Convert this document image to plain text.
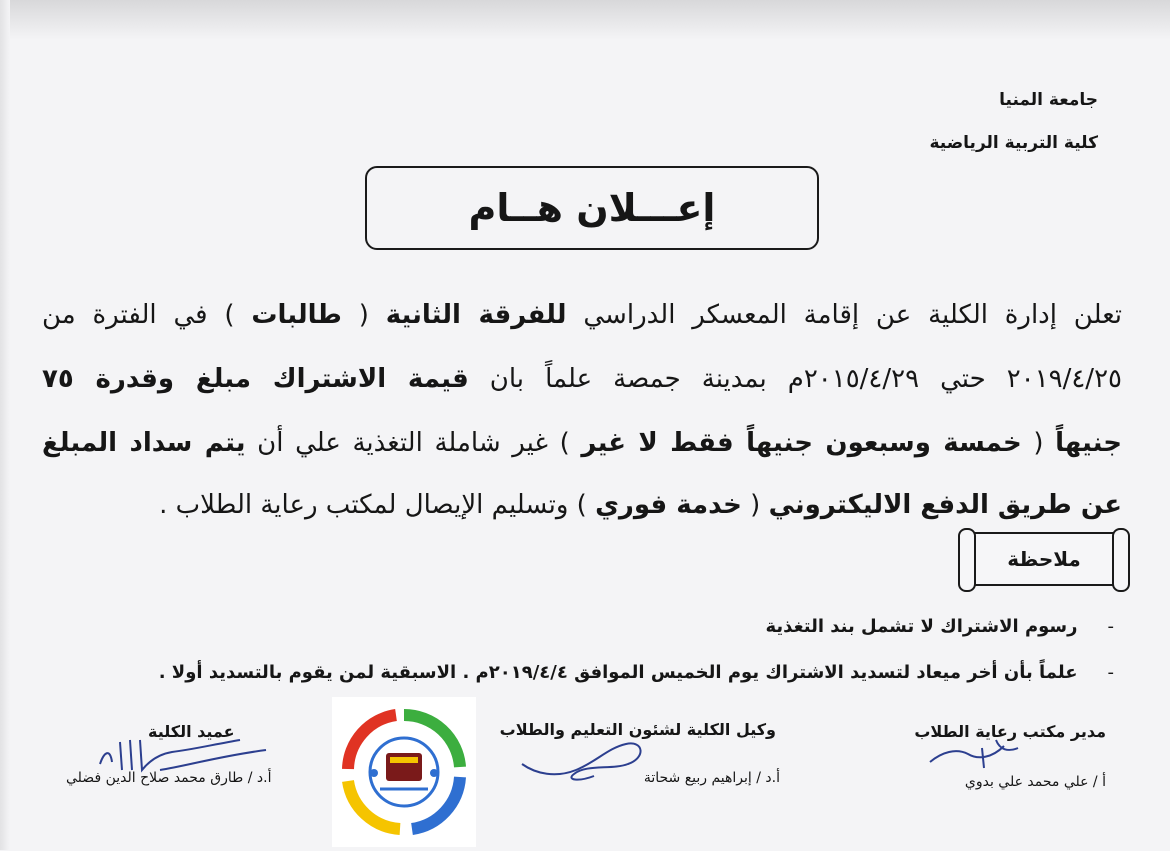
جامعة المنيا
كلية التربية الرياضية
إعـــلان هــام
تعلن إدارة الكلية عن إقامة المعسكر الدراسي للفرقة الثانية ( طالبات ) في الفترة من
٢٠١٩/٤/٢٥ حتي ٢٠١٥/٤/٢٩م بمدينة جمصة علماً بان قيمة الاشتراك مبلغ وقدرة ٧٥
جنيهاً ( خمسة وسبعون جنيهاً فقط لا غير ) غير شاملة التغذية علي أن يتم سداد المبلغ
عن طريق الدفع الاليكتروني ( خدمة فوري ) وتسليم الإيصال لمكتب رعاية الطلاب .
ملاحظة
-رسوم الاشتراك لا تشمل بند التغذية
-علماً بأن أخر ميعاد لتسديد الاشتراك يوم الخميس الموافق ٢٠١٩/٤/٤م . الاسبقية لمن يقوم بالتسديد أولا .
مدير مكتب رعاية الطلاب
أ / علي محمد علي بدوي
وكيل الكلية لشئون التعليم والطلاب
أ.د / إبراهيم ربيع شحاتة
عميد الكلية
أ.د / طارق محمد صلاح الدين فضلي
